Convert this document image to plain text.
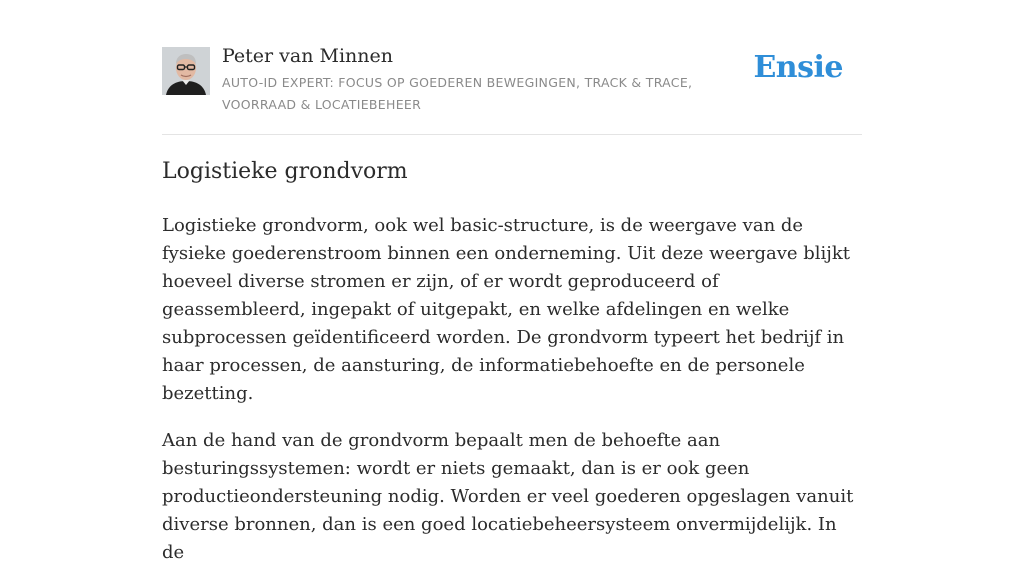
Peter van Minnen
AUTO-ID EXPERT: FOCUS OP GOEDEREN BEWEGINGEN, TRACK & TRACE, VOORRAAD & LOCATIEBEHEER
Ensie
Logistieke grondvorm

Logistieke grondvorm, ook wel basic-structure, is de weergave van de fysieke goederenstroom binnen een onderneming. Uit deze weergave blijkt hoeveel diverse stromen er zijn, of er wordt geproduceerd of geassembleerd, ingepakt of uitgepakt, en welke afdelingen en welke subprocessen geïdentificeerd worden. De grondvorm typeert het bedrijf in haar processen, de aansturing, de informatiebehoefte en de personele bezetting.

Aan de hand van de grondvorm bepaalt men de behoefte aan besturingssystemen: wordt er niets gemaakt, dan is er ook geen productieondersteuning nodig. Worden er veel goederen opgeslagen vanuit diverse bronnen, dan is een goed locatiebeheersysteem onvermijdelijk. In de
